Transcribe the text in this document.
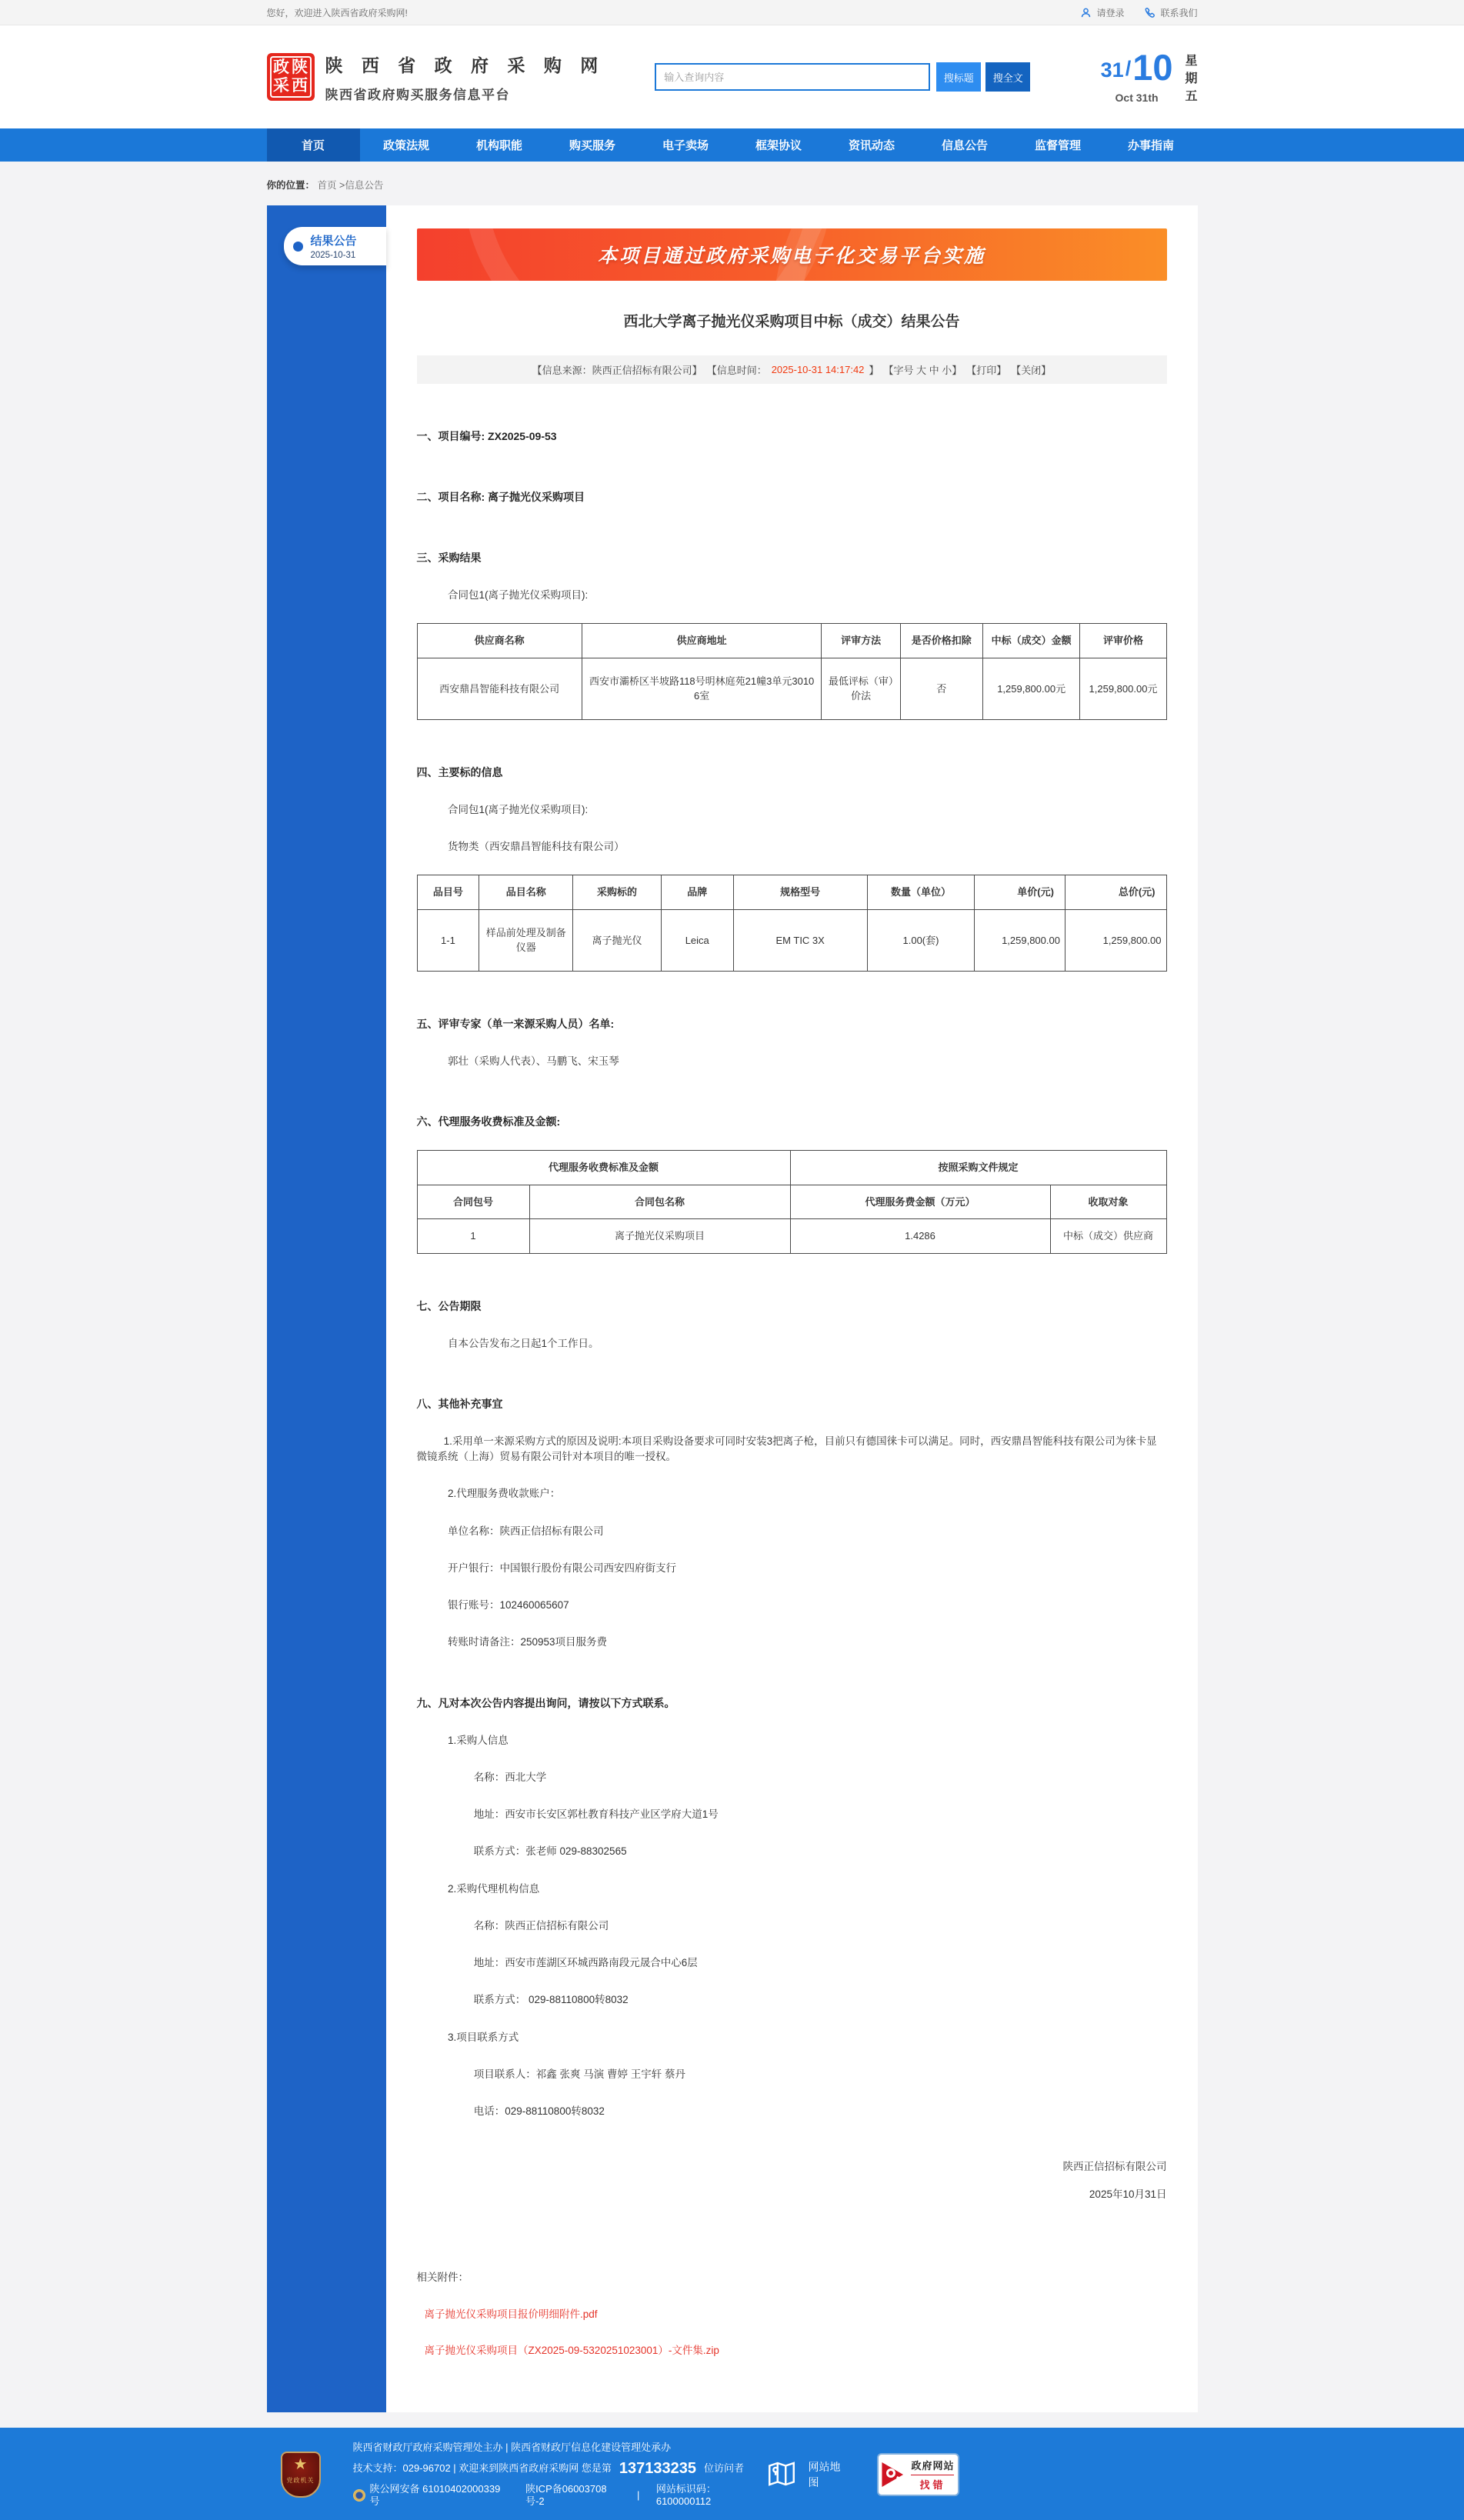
您好，欢迎进入陕西省政府采购网!	请登录	联系我们
政 陕
采 西
陕 西 省 政 府 采 购 网
陕西省政府购买服务信息平台
输入查询内容
搜标题	搜全文	31 / 10
Oct 31th
星
期
五
首页	政策法规	机构职能	购买服务	电子卖场	框架协议	资讯动态	信息公告	监督管理	办事指南
你的位置： 首页 >信息公告
结果公告
2025-10-31	本项目通过政府采购电子化交易平台实施
西北大学离子抛光仪采购项目中标（成交）结果公告
【信息来源：陕西正信招标有限公司】 【信息时间： 2025-10-31 14:17:42 】 【字号 大 中 小】 【打印】 【关闭】
一、项目编号: ZX2025-09-53
二、项目名称: 离子抛光仪采购项目
三、采购结果
合同包1(离子抛光仪采购项目):
供应商名称	供应商地址	评审方法	是否价格扣除	中标（成交）金额	评审价格
西安鼎昌智能科技有限公司	西安市灞桥区半坡路118号明林庭苑21幢3单元30106室	最低评标（审）价法	否	1,259,800.00元	1,259,800.00元
四、主要标的信息
合同包1(离子抛光仪采购项目):
货物类（西安鼎昌智能科技有限公司）
品目号	品目名称	采购标的	品牌	规格型号	数量（单位）	单价(元)	总价(元)
1-1	样品前处理及制备仪器	离子抛光仪	Leica	EM TIC 3X	1.00(套)	1,259,800.00	1,259,800.00
五、评审专家（单一来源采购人员）名单:
郭壮（采购人代表）、马鹏飞、宋玉琴
六、代理服务收费标准及金额:
代理服务收费标准及金额		按照采购文件规定	
合同包号	合同包名称	代理服务费金额（万元）	收取对象
1	离子抛光仪采购项目	1.4286	中标（成交）供应商
七、公告期限
自本公告发布之日起1个工作日。
八、其他补充事宜
1.采用单一来源采购方式的原因及说明:本项目采购设备要求可同时安装3把离子枪，目前只有德国徕卡可以满足。同时，西安鼎昌智能科技有限公司为徕卡显微镜系统（上海）贸易有限公司针对本项目的唯一授权。
2.代理服务费收款账户：
单位名称：陕西正信招标有限公司
开户银行：中国银行股份有限公司西安四府街支行
银行账号：102460065607
转账时请备注：250953项目服务费
九、凡对本次公告内容提出询问，请按以下方式联系。
1.采购人信息
名称：西北大学
地址：西安市长安区郭杜教育科技产业区学府大道1号
联系方式：张老师 029-88302565
2.采购代理机构信息
名称：陕西正信招标有限公司
地址：西安市莲湖区环城西路南段元晟合中心6层
联系方式： 029-88110800转8032
3.项目联系方式
项目联系人：祁鑫 张爽 马演 曹婷 王宇轩 蔡丹
电话：029-88110800转8032
陕西正信招标有限公司
2025年10月31日
相关附件：
离子抛光仪采购项目报价明细附件.pdf
离子抛光仪采购项目（ZX2025-09-5320251023001）-文件集.zip
★
党政机关
陕西省财政厅政府采购管理处主办 | 陕西省财政厅信息化建设管理处承办
技术支持：029-96702 | 欢迎来到陕西省政府采购网 您是第 137133235 位访问者
陕公网安备 61010402000339号
陕ICP备06003708号-2
|
网站标识码：6100000112
网站地图
政府网站
找错
